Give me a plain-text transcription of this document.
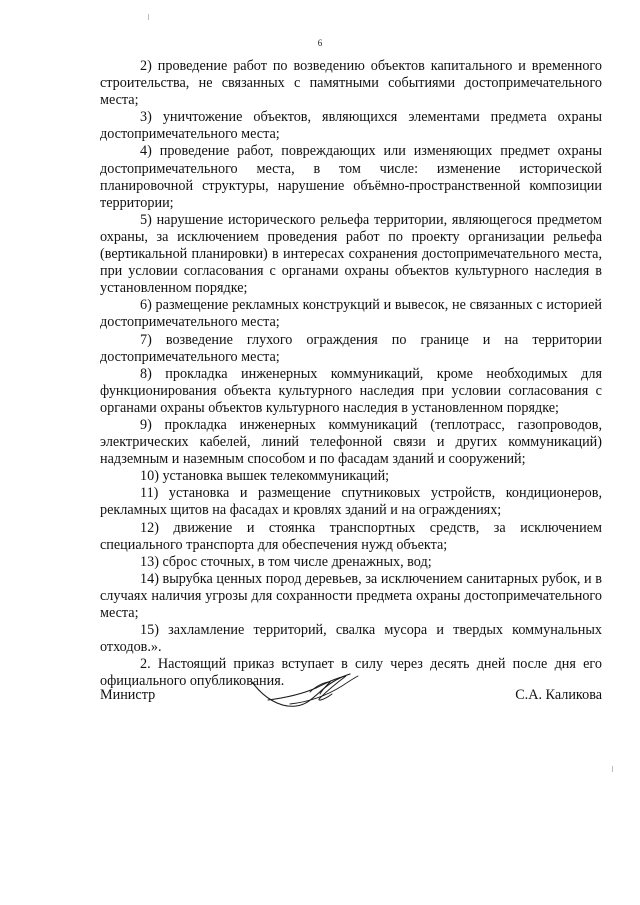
6

2) проведение работ по возведению объектов капитального и временного строительства, не связанных с памятными событиями достопримечательного места;

3) уничтожение объектов, являющихся элементами предмета охраны достопримечательного места;

4) проведение работ, повреждающих или изменяющих предмет охраны достопримечательного места, в том числе: изменение исторической планировочной структуры, нарушение объёмно-пространственной композиции территории;

5) нарушение исторического рельефа территории, являющегося предметом охраны, за исключением проведения работ по проекту организации рельефа (вертикальной планировки) в интересах сохранения достопримечательного места, при условии согласования с органами охраны объектов культурного наследия в установленном порядке;

6) размещение рекламных конструкций и вывесок, не связанных с историей достопримечательного места;

7) возведение глухого ограждения по границе и на территории достопримечательного места;

8) прокладка инженерных коммуникаций, кроме необходимых для функционирования объекта культурного наследия при условии согласования с органами охраны объектов культурного наследия в установленном порядке;

9) прокладка инженерных коммуникаций (теплотрасс, газопроводов, электрических кабелей, линий телефонной связи и других коммуникаций) надземным и наземным способом и по фасадам зданий и сооружений;

10) установка вышек телекоммуникаций;

11) установка и размещение спутниковых устройств, кондиционеров, рекламных щитов на фасадах и кровлях зданий и на ограждениях;

12) движение и стоянка транспортных средств, за исключением специального транспорта для обеспечения нужд объекта;

13) сброс сточных, в том числе дренажных, вод;

14) вырубка ценных пород деревьев, за исключением санитарных рубок, и в случаях наличия угрозы для сохранности предмета охраны достопримечательного места;

15) захламление территорий, свалка мусора и твердых коммунальных отходов.».

2. Настоящий приказ вступает в силу через десять дней после дня его официального опубликования.

Министр	С.А. Каликова
